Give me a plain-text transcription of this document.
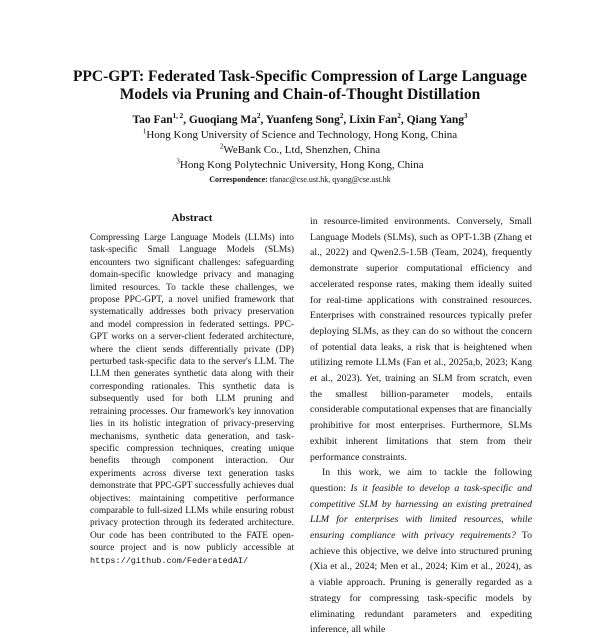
PPC-GPT: Federated Task-Specific Compression of Large Language
Models via Pruning and Chain-of-Thought Distillation
Tao Fan$^{1, 2}$, Guoqiang Ma$^2$, Yuanfeng Song$^2$, Lixin Fan$^2$, Qiang Yang$^3$
$^1$Hong Kong University of Science and Technology, Hong Kong, China
$^2$WeBank Co., Ltd, Shenzhen, China
$^3$Hong Kong Polytechnic University, Hong Kong, China
Correspondence: tfanac@cse.ust.hk, qyang@cse.ust.hk
Abstract
Compressing Large Language Models (LLMs) into task-specific Small Language Models (SLMs) encounters two significant challenges: safeguarding domain-specific knowledge privacy and managing limited resources. To tackle these challenges, we propose PPC-GPT, a novel unified framework that systematically addresses both privacy preservation and model compression in federated settings. PPC-GPT works on a server-client federated architecture, where the client sends differentially private (DP) perturbed task-specific data to the server's LLM. The LLM then generates synthetic data along with their corresponding rationales. This synthetic data is subsequently used for both LLM pruning and retraining processes. Our framework's key innovation lies in its holistic integration of privacy-preserving mechanisms, synthetic data generation, and task-specific compression techniques, creating unique benefits through component interaction. Our experiments across diverse text generation tasks demonstrate that PPC-GPT successfully achieves dual objectives: maintaining competitive performance comparable to full-sized LLMs while ensuring robust privacy protection through its federated architecture. Our code has been contributed to the FATE open-source project and is now publicly accessible at https://github.com/FederatedAI/

in resource-limited environments. Conversely, Small Language Models (SLMs), such as OPT-1.3B (Zhang et al., 2022) and Qwen2.5-1.5B (Team, 2024), frequently demonstrate superior computational efficiency and accelerated response rates, making them ideally suited for real-time applications with constrained resources. Enterprises with constrained resources typically prefer deploying SLMs, as they can do so without the concern of potential data leaks, a risk that is heightened when utilizing remote LLMs (Fan et al., 2025a,b, 2023; Kang et al., 2023). Yet, training an SLM from scratch, even the smallest billion-parameter models, entails considerable computational expenses that are financially prohibitive for most enterprises. Furthermore, SLMs exhibit inherent limitations that stem from their performance constraints.

In this work, we aim to tackle the following question: Is it feasible to develop a task-specific and competitive SLM by harnessing an existing pretrained LLM for enterprises with limited resources, while ensuring compliance with privacy requirements? To achieve this objective, we delve into structured pruning (Xia et al., 2024; Men et al., 2024; Kim et al., 2024), as a viable approach. Pruning is generally regarded as a strategy for compressing task-specific models by eliminating redundant parameters and expediting inference, all while
